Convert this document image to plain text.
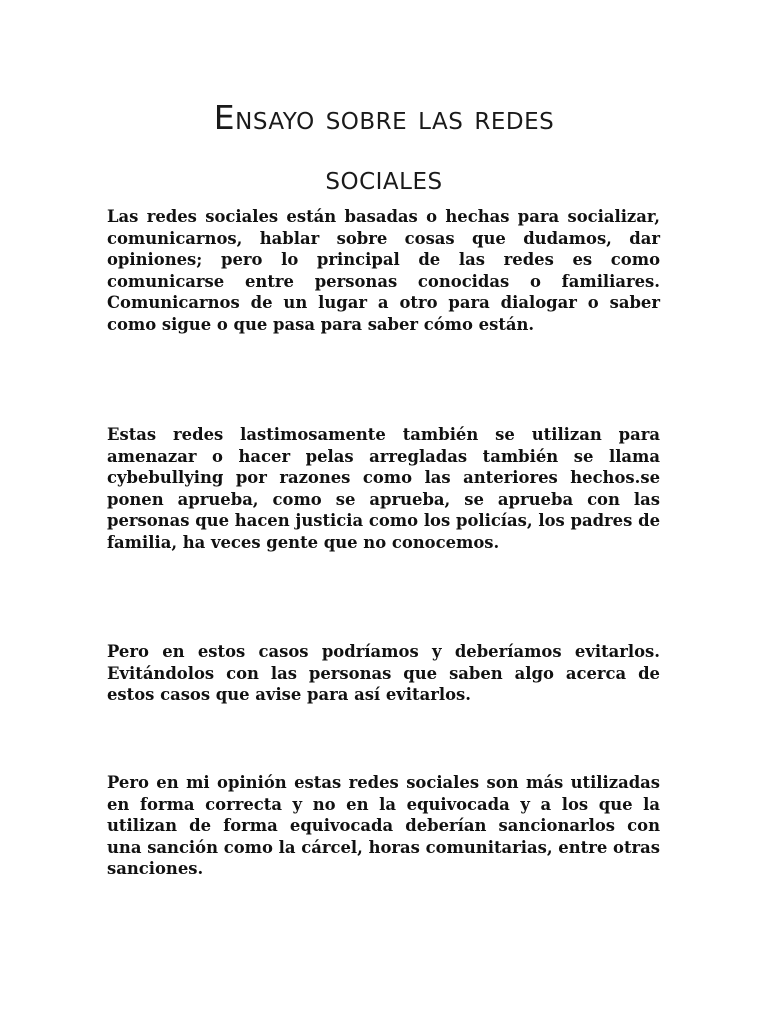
Ensayo sobre las redes
sociales

Las redes sociales están basadas o hechas para socializar, comunicarnos, hablar sobre cosas que dudamos, dar opiniones; pero lo principal de las redes es como comunicarse entre personas conocidas o familiares. Comunicarnos de un lugar a otro para dialogar o saber como sigue o que pasa para saber cómo están.

Estas redes lastimosamente también se utilizan para amenazar o hacer pelas arregladas también se llama cybebullying por razones como las anteriores hechos.se ponen aprueba, como se aprueba, se aprueba con las personas que hacen justicia como los policías, los padres de familia, ha veces gente que no conocemos.

Pero en estos casos podríamos y deberíamos evitarlos. Evitándolos con las personas que saben algo acerca de estos casos que avise para así evitarlos.

Pero en mi opinión estas redes sociales son más utilizadas en forma correcta y no en la equivocada y a los que la utilizan de forma equivocada deberían sancionarlos con una sanción como la cárcel, horas comunitarias, entre otras sanciones.
